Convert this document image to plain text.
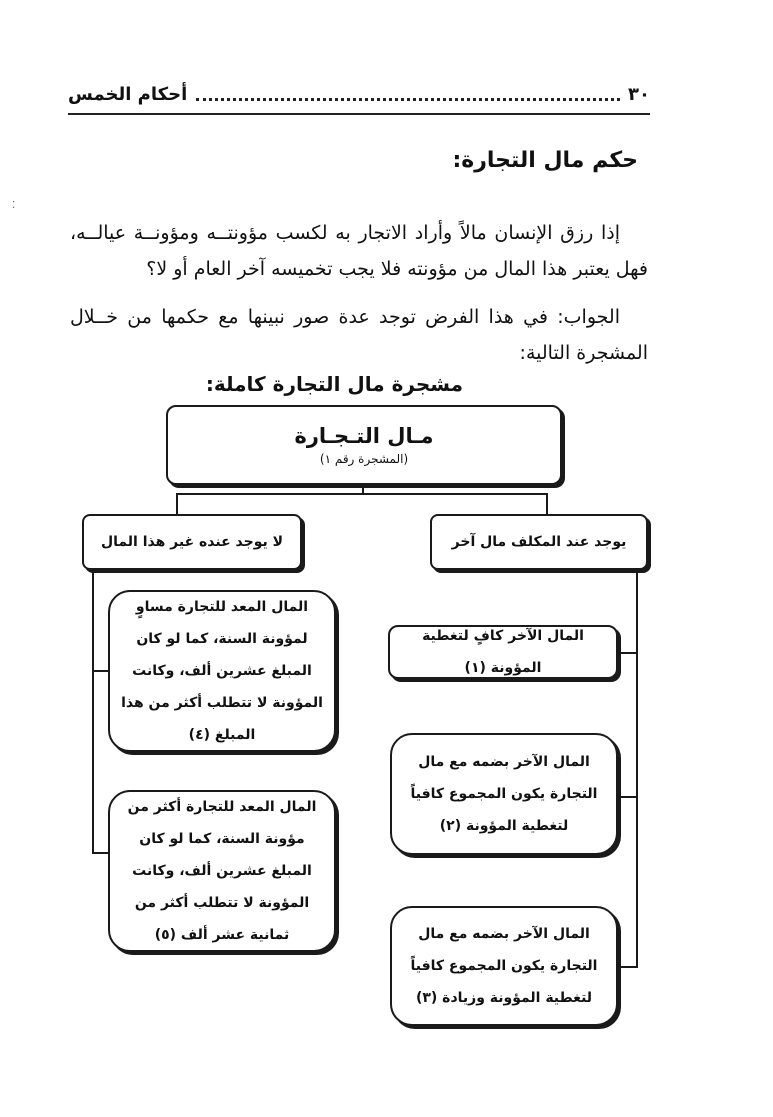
٣٠
أحكام الخمس
⁚
حكم مال التجارة:

إذا رزق الإنسان مالاً وأراد الاتجار به لكسب مؤونتــه ومؤونــة عيالــه، فهل يعتبر هذا المال من مؤونته فلا يجب تخميسه آخر العام أو لا؟

الجواب: في هذا الفرض توجد عدة صور نبينها مع حكمها من خــلال المشجرة التالية:

مشجرة مال التجارة كاملة:
مـال التـجـارة
(المشجرة رقم ١)
يوجد عند المكلف مال آخر
لا يوجد عنده غير هذا المال
المال الآخر كافٍ لتغطية المؤونة (١)
المال الآخر بضمه مع مال التجارة يكون المجموع كافياً لتغطية المؤونة (٢)
المال الآخر بضمه مع مال التجارة يكون المجموع كافياً لتغطية المؤونة وزيادة (٣)
المال المعد للتجارة مساوٍ لمؤونة السنة، كما لو كان المبلغ عشرين ألف، وكانت المؤونة لا تتطلب أكثر من هذا المبلغ (٤)
المال المعد للتجارة أكثر من مؤونة السنة، كما لو كان المبلغ عشرين ألف، وكانت المؤونة لا تتطلب أكثر من ثمانية عشر ألف (٥)
